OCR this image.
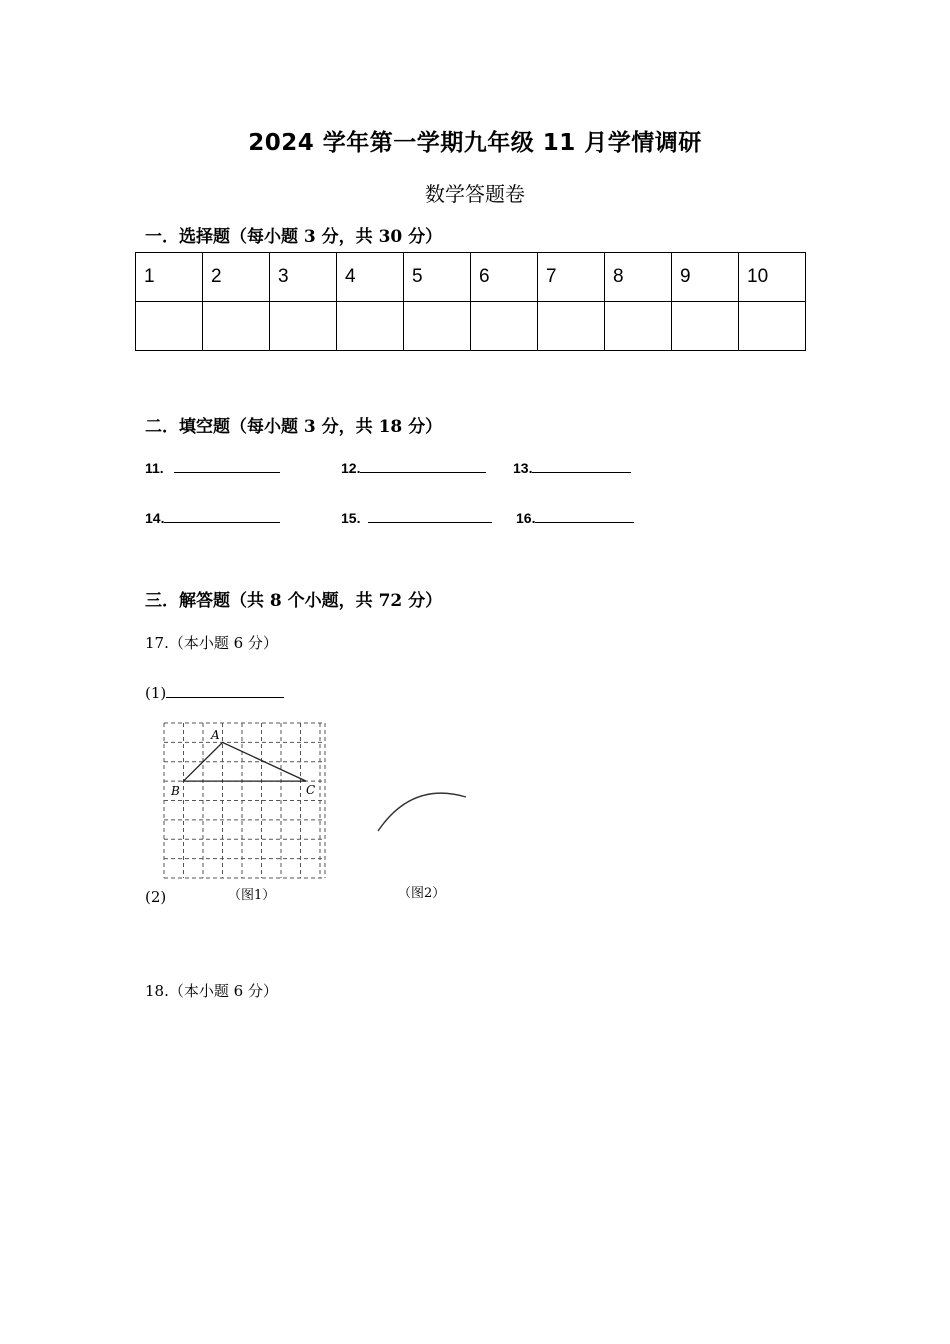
2024 学年第一学期九年级 11 月学情调研
数学答题卷
一．选择题（每小题 3 分，共 30 分）
1	2	3	4	5	6	7	8	9	10

二．填空题（每小题 3 分，共 18 分）
11.	12.	13.
14.	15.	16.
三．解答题（共 8 个小题，共 72 分）
17.（本小题 6 分）
(1)
A
B	C
（图1）	（图2）
(2)
18.（本小题 6 分）
